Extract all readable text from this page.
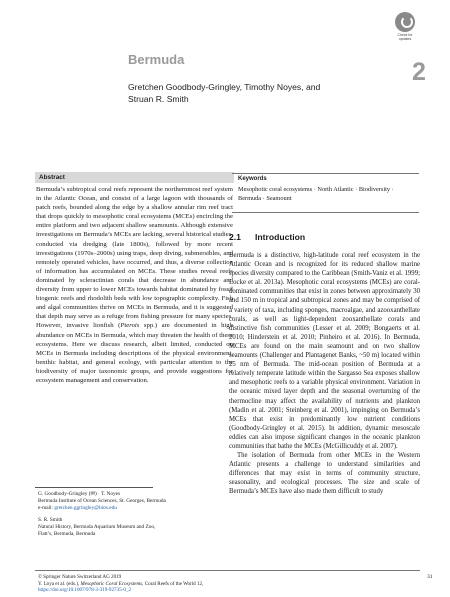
Check for updates
Bermuda	2
Gretchen Goodbody-Gringley, Timothy Noyes, and Struan R. Smith
Abstract
Bermuda’s subtropical coral reefs represent the northernmost reef system in the Atlantic Ocean, and consist of a large lagoon with thousands of patch reefs, bounded along the edge by a shallow annular rim reef tract that drops quickly to mesophotic coral ecosystems (MCEs) encircling the entire platform and two adjacent shallow seamounts. Although extensive investigations on Bermuda’s MCEs are lacking, several historical studies, conducted via dredging (late 1800s), followed by more recent investigations (1970s–2000s) using traps, deep diving, submersibles, and remotely operated vehicles, have occurred, and thus, a diverse collection of information has accumulated on MCEs. These studies reveal reefs dominated by scleractinian corals that decrease in abundance and diversity from upper to lower MCEs towards habitat dominated by fossil biogenic reefs and rhodolith beds with low topographic complexity. Fish and algal communities thrive on MCEs in Bermuda, and it is suggested that depth may serve as a refuge from fishing pressure for many species. However, invasive lionfish (Pterois spp.) are documented in high abundance on MCEs in Bermuda, which may threaten the health of these ecosystems. Here we discuss research, albeit limited, conducted on MCEs in Bermuda including descriptions of the physical environment, benthic habitat, and general ecology, with particular attention to the biodiversity of major taxonomic groups, and provide suggestions for ecosystem management and conservation.
Keywords
Mesophotic coral ecosystems · North Atlantic · Biodiversity · Bermuda · Seamount
2.1 Introduction

Bermuda is a distinctive, high-latitude coral reef ecosystem in the Atlantic Ocean and is recognized for its reduced shallow marine species diversity compared to the Caribbean (Smith-Vaniz et al. 1999; Locke et al. 2013a). Mesophotic coral ecosystems (MCEs) are coral-dominated communities that exist in zones between approximately 30 and 150 m in tropical and subtropical zones and may be comprised of a variety of taxa, including sponges, macroalgae, and azooxanthellate corals, as well as light-dependent zooxanthellate corals and distinctive fish communities (Lesser et al. 2009; Bongaerts et al. 2010; Hinderstein et al. 2010; Pinheiro et al. 2016). In Bermuda, MCEs are found on the main seamount and on two shallow seamounts (Challenger and Plantagenet Banks, ~50 m) located within 25 nm of Bermuda. The mid-ocean position of Bermuda at a relatively temperate latitude within the Sargasso Sea exposes shallow and mesophotic reefs to a variable physical environment. Variation in the oceanic mixed layer depth and the seasonal overturning of the thermocline may affect the availability of nutrients and plankton (Madin et al. 2001; Steinberg et al. 2001), impinging on Bermuda’s MCEs that exist in predominantly low nutrient conditions (Goodbody-Gringley et al. 2015). In addition, dynamic mesoscale eddies can also impose significant changes in the oceanic plankton communities that bathe the MCEs (McGillicuddy et al. 2007).

The isolation of Bermuda from other MCEs in the Western Atlantic presents a challenge to understand similarities and differences that may exist in terms of community structure, seasonality, and ecological processes. The size and scale of Bermuda’s MCEs have also made them difficult to study

G. Goodbody-Gringley (✉) · T. Noyes
Bermuda Institute of Ocean Sciences, St. Georges, Bermuda
e-mail: gretchen.ggringley@bios.edu
S. R. Smith
Natural History, Bermuda Aquarium Museum and Zoo,
Flatt’s, Bermuda, Bermuda
© Springer Nature Switzerland AG 2019
Y. Loya et al. (eds.), Mesophotic Coral Ecosystems, Coral Reefs of the World 12,
https://doi.org/10.1007/978-3-319-92735-0_2
31
